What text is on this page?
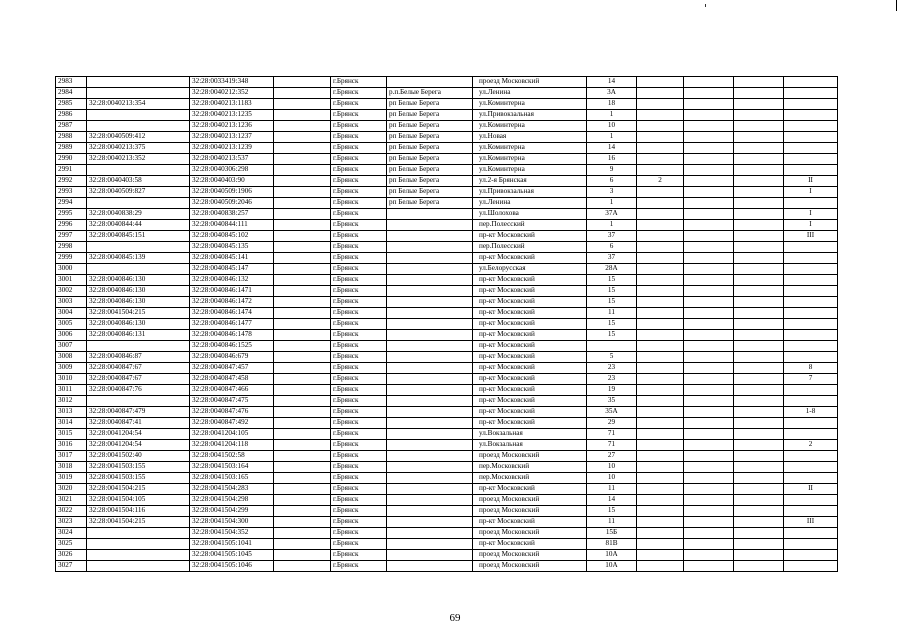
2983		32:28:0033419:348		г.Брянск		проезд Московский	14				
2984		32:28:0040212:352		г.Брянск	р.п.Белые Берега	ул.Ленина	3А				
2985	32:28:0040213:354	32:28:0040213:1183		г.Брянск	рп Белые Берега	ул.Коминтерна	18				
2986		32:28:0040213:1235		г.Брянск	рп Белые Берега	ул.Привокзальная	1				
2987		32:28:0040213:1236		г.Брянск	рп Белые Берега	ул.Коминтерна	10				
2988	32:28:0040509:412	32:28:0040213:1237		г.Брянск	рп Белые Берега	ул.Новая	1				
2989	32:28:0040213:375	32:28:0040213:1239		г.Брянск	рп Белые Берега	ул.Коминтерна	14				
2990	32:28:0040213:352	32:28:0040213:537		г.Брянск	рп Белые Берега	ул.Коминтерна	16				
2991		32:28:0040306:298		г.Брянск	рп Белые Берега	ул.Коминтерна	9				
2992	32:28:0040403:58	32:28:0040403:90		г.Брянск	рп Белые Берега	ул.2-я Брянская	6	2			II
2993	32:28:0040509:827	32:28:0040509:1906		г.Брянск	рп Белые Берега	ул.Привокзальная	3				I
2994		32:28:0040509:2046		г.Брянск	рп Белые Берега	ул.Ленина	1				
2995	32:28:0040838:29	32:28:0040838:257		г.Брянск		ул.Шолохова	37А				I
2996	32:28:0040844:44	32:28:0040844:111		г.Брянск		пер.Полесский	1				I
2997	32:28:0040845:151	32:28:0040845:102		г.Брянск		пр-кт Московский	37				III
2998		32:28:0040845:135		г.Брянск		пер.Полесский	6				
2999	32:28:0040845:139	32:28:0040845:141		г.Брянск		пр-кт Московский	37				
3000		32:28:0040845:147		г.Брянск		ул.Белорусская	28А				
3001	32:28:0040846:130	32:28:0040846:132		г.Брянск		пр-кт Московский	15				
3002	32:28:0040846:130	32:28:0040846:1471		г.Брянск		пр-кт Московский	15				
3003	32:28:0040846:130	32:28:0040846:1472		г.Брянск		пр-кт Московский	15				
3004	32:28:0041504:215	32:28:0040846:1474		г.Брянск		пр-кт Московский	11				
3005	32:28:0040846:130	32:28:0040846:1477		г.Брянск		пр-кт Московский	15				
3006	32:28:0040846:131	32:28:0040846:1478		г.Брянск		пр-кт Московский	15				
3007		32:28:0040846:1525		г.Брянск		пр-кт Московский					
3008	32:28:0040846:87	32:28:0040846:679		г.Брянск		пр-кт Московский	5				
3009	32:28:0040847:67	32:28:0040847:457		г.Брянск		пр-кт Московский	23				8
3010	32:28:0040847:67	32:28:0040847:458		г.Брянск		пр-кт Московский	23				7
3011	32:28:0040847:76	32:28:0040847:466		г.Брянск		пр-кт Московский	19				
3012		32:28:0040847:475		г.Брянск		пр-кт Московский	35				
3013	32:28:0040847:479	32:28:0040847:476		г.Брянск		пр-кт Московский	35А				1-8
3014	32:28:0040847:41	32:28:0040847:492		г.Брянск		пр-кт Московский	29				
3015	32:28:0041204:54	32:28:0041204:105		г.Брянск		ул.Вокзальная	71				
3016	32:28:0041204:54	32:28:0041204:118		г.Брянск		ул.Вокзальная	71				2
3017	32:28:0041502:40	32:28:0041502:58		г.Брянск		проезд Московский	27				
3018	32:28:0041503:155	32:28:0041503:164		г.Брянск		пер.Московский	10				
3019	32:28:0041503:155	32:28:0041503:165		г.Брянск		пер.Московский	10				
3020	32:28:0041504:215	32:28:0041504:283		г.Брянск		пр-кт Московский	11				II
3021	32:28:0041504:105	32:28:0041504:298		г.Брянск		проезд Московский	14				
3022	32:28:0041504:116	32:28:0041504:299		г.Брянск		проезд Московский	15				
3023	32:28:0041504:215	32:28:0041504:300		г.Брянск		пр-кт Московский	11				III
3024		32:28:0041504:352		г.Брянск		проезд Московский	15Б				
3025		32:28:0041505:1041		г.Брянск		пр-кт Московский	81В				
3026		32:28:0041505:1045		г.Брянск		проезд Московский	10А				
3027		32:28:0041505:1046		г.Брянск		проезд Московский	10А				
69
